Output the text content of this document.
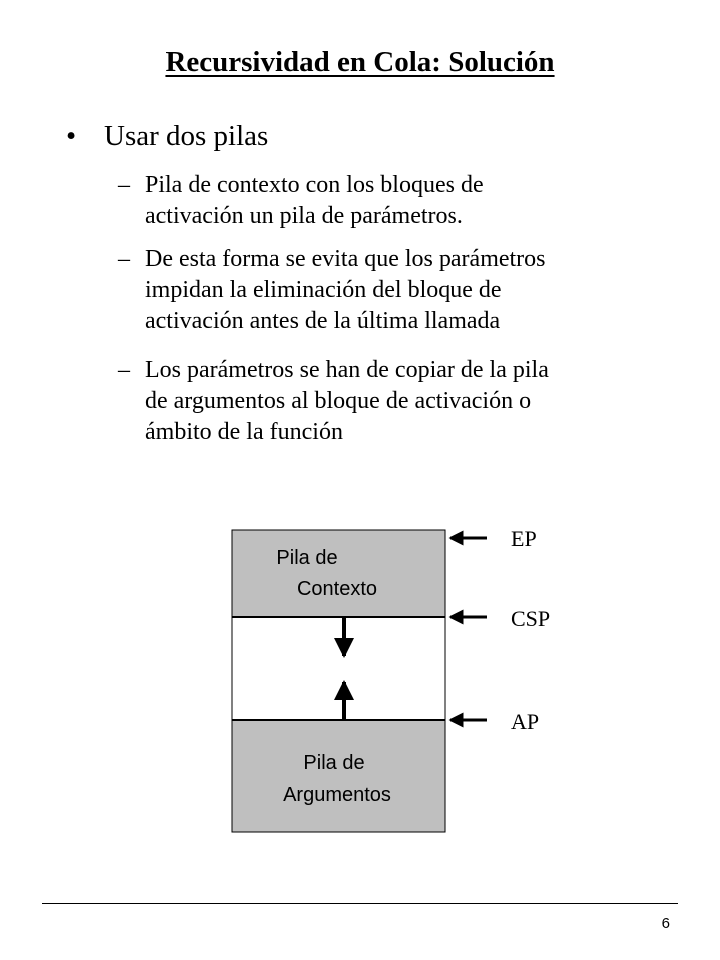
Recursividad en Cola: Solución
• Usar dos pilas
– Pila de contexto con los bloques de
activación un pila de parámetros.
– De esta forma se evita que los parámetros
impidan la eliminación del bloque de
activación antes de la última llamada
– Los parámetros se han de copiar de la pila
de argumentos al bloque de activación o
ámbito de la función
Pila de
Contexto
Pila de
Argumentos
EP
CSP
AP
6
